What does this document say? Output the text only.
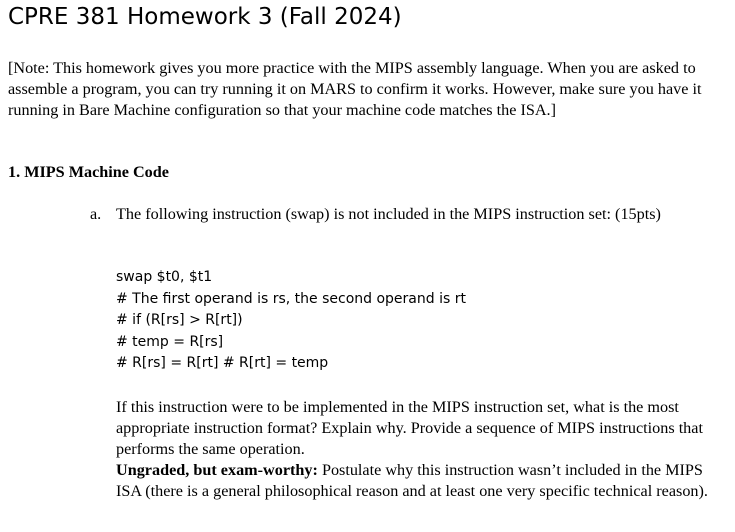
CPRE 381 Homework 3 (Fall 2024)
[Note: This homework gives you more practice with the MIPS assembly language. When you are asked to assemble a program, you can try running it on MARS to confirm it works. However, make sure you have it running in Bare Machine configuration so that your machine code matches the ISA.]
1. MIPS Machine Code
a. The following instruction (swap) is not included in the MIPS instruction set: (15pts)
swap $t0, $t1
# The first operand is rs, the second operand is rt
# if (R[rs] > R[rt])
# temp = R[rs]
# R[rs] = R[rt] # R[rt] = temp
If this instruction were to be implemented in the MIPS instruction set, what is the most appropriate instruction format? Explain why. Provide a sequence of MIPS instructions that performs the same operation.
Ungraded, but exam-worthy: Postulate why this instruction wasn’t included in the MIPS ISA (there is a general philosophical reason and at least one very specific technical reason).
